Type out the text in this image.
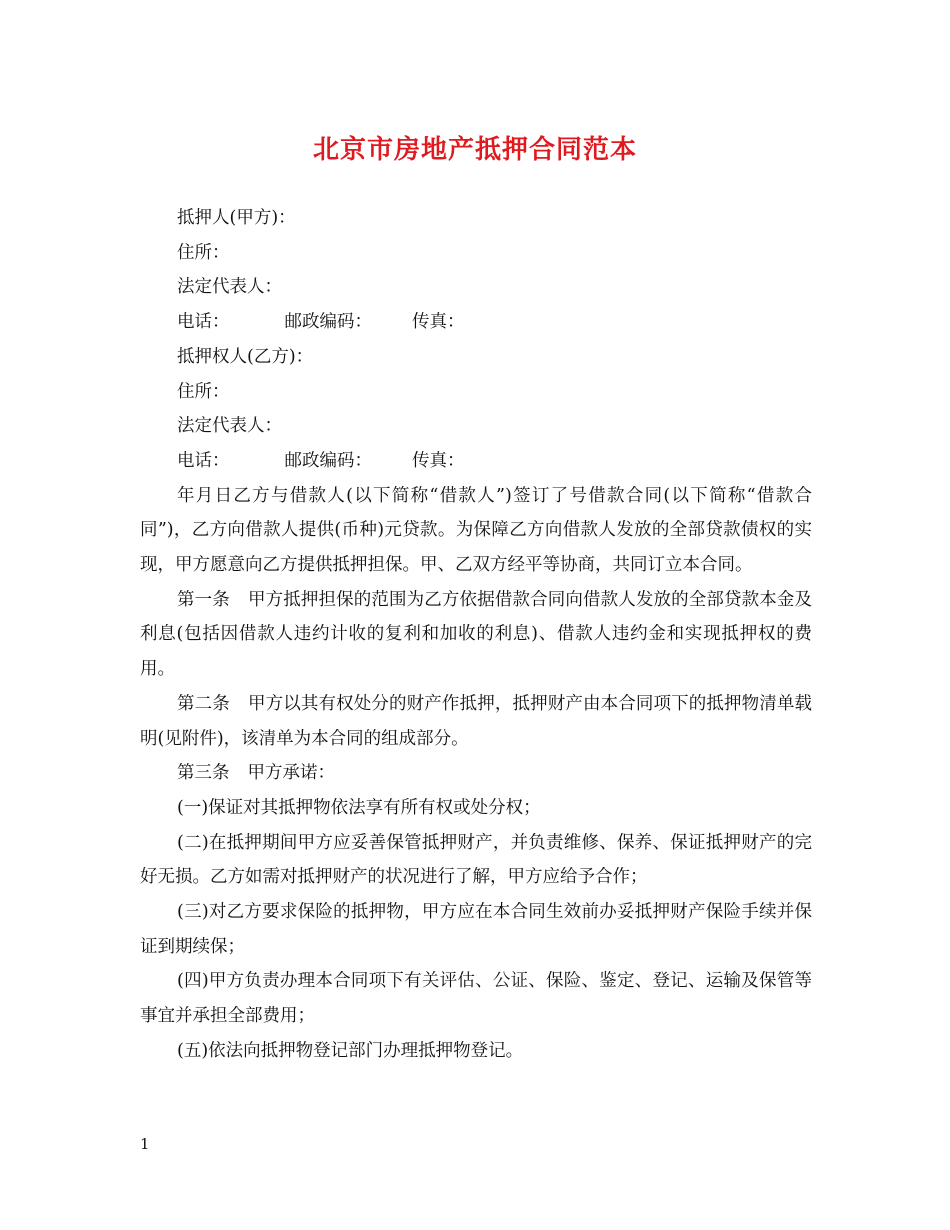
北京市房地产抵押合同范本

抵押人(甲方)：

住所：

法定代表人：

电话：	邮政编码： 传真：

抵押权人(乙方)：

住所：

法定代表人：

电话：	邮政编码： 传真：

年月日乙方与借款人(以下简称“借款人”)签订了号借款合同(以下简称“借款合同”)，乙方向借款人提供(币种)元贷款。为保障乙方向借款人发放的全部贷款债权的实现，甲方愿意向乙方提供抵押担保。甲、乙双方经平等协商，共同订立本合同。

第一条 甲方抵押担保的范围为乙方依据借款合同向借款人发放的全部贷款本金及利息(包括因借款人违约计收的复利和加收的利息)、借款人违约金和实现抵押权的费用。

第二条 甲方以其有权处分的财产作抵押，抵押财产由本合同项下的抵押物清单载明(见附件)，该清单为本合同的组成部分。

第三条 甲方承诺：

(一)保证对其抵押物依法享有所有权或处分权；

(二)在抵押期间甲方应妥善保管抵押财产，并负责维修、保养、保证抵押财产的完好无损。乙方如需对抵押财产的状况进行了解，甲方应给予合作；

(三)对乙方要求保险的抵押物，甲方应在本合同生效前办妥抵押财产保险手续并保证到期续保；

(四)甲方负责办理本合同项下有关评估、公证、保险、鉴定、登记、运输及保管等事宜并承担全部费用；

(五)依法向抵押物登记部门办理抵押物登记。

1
